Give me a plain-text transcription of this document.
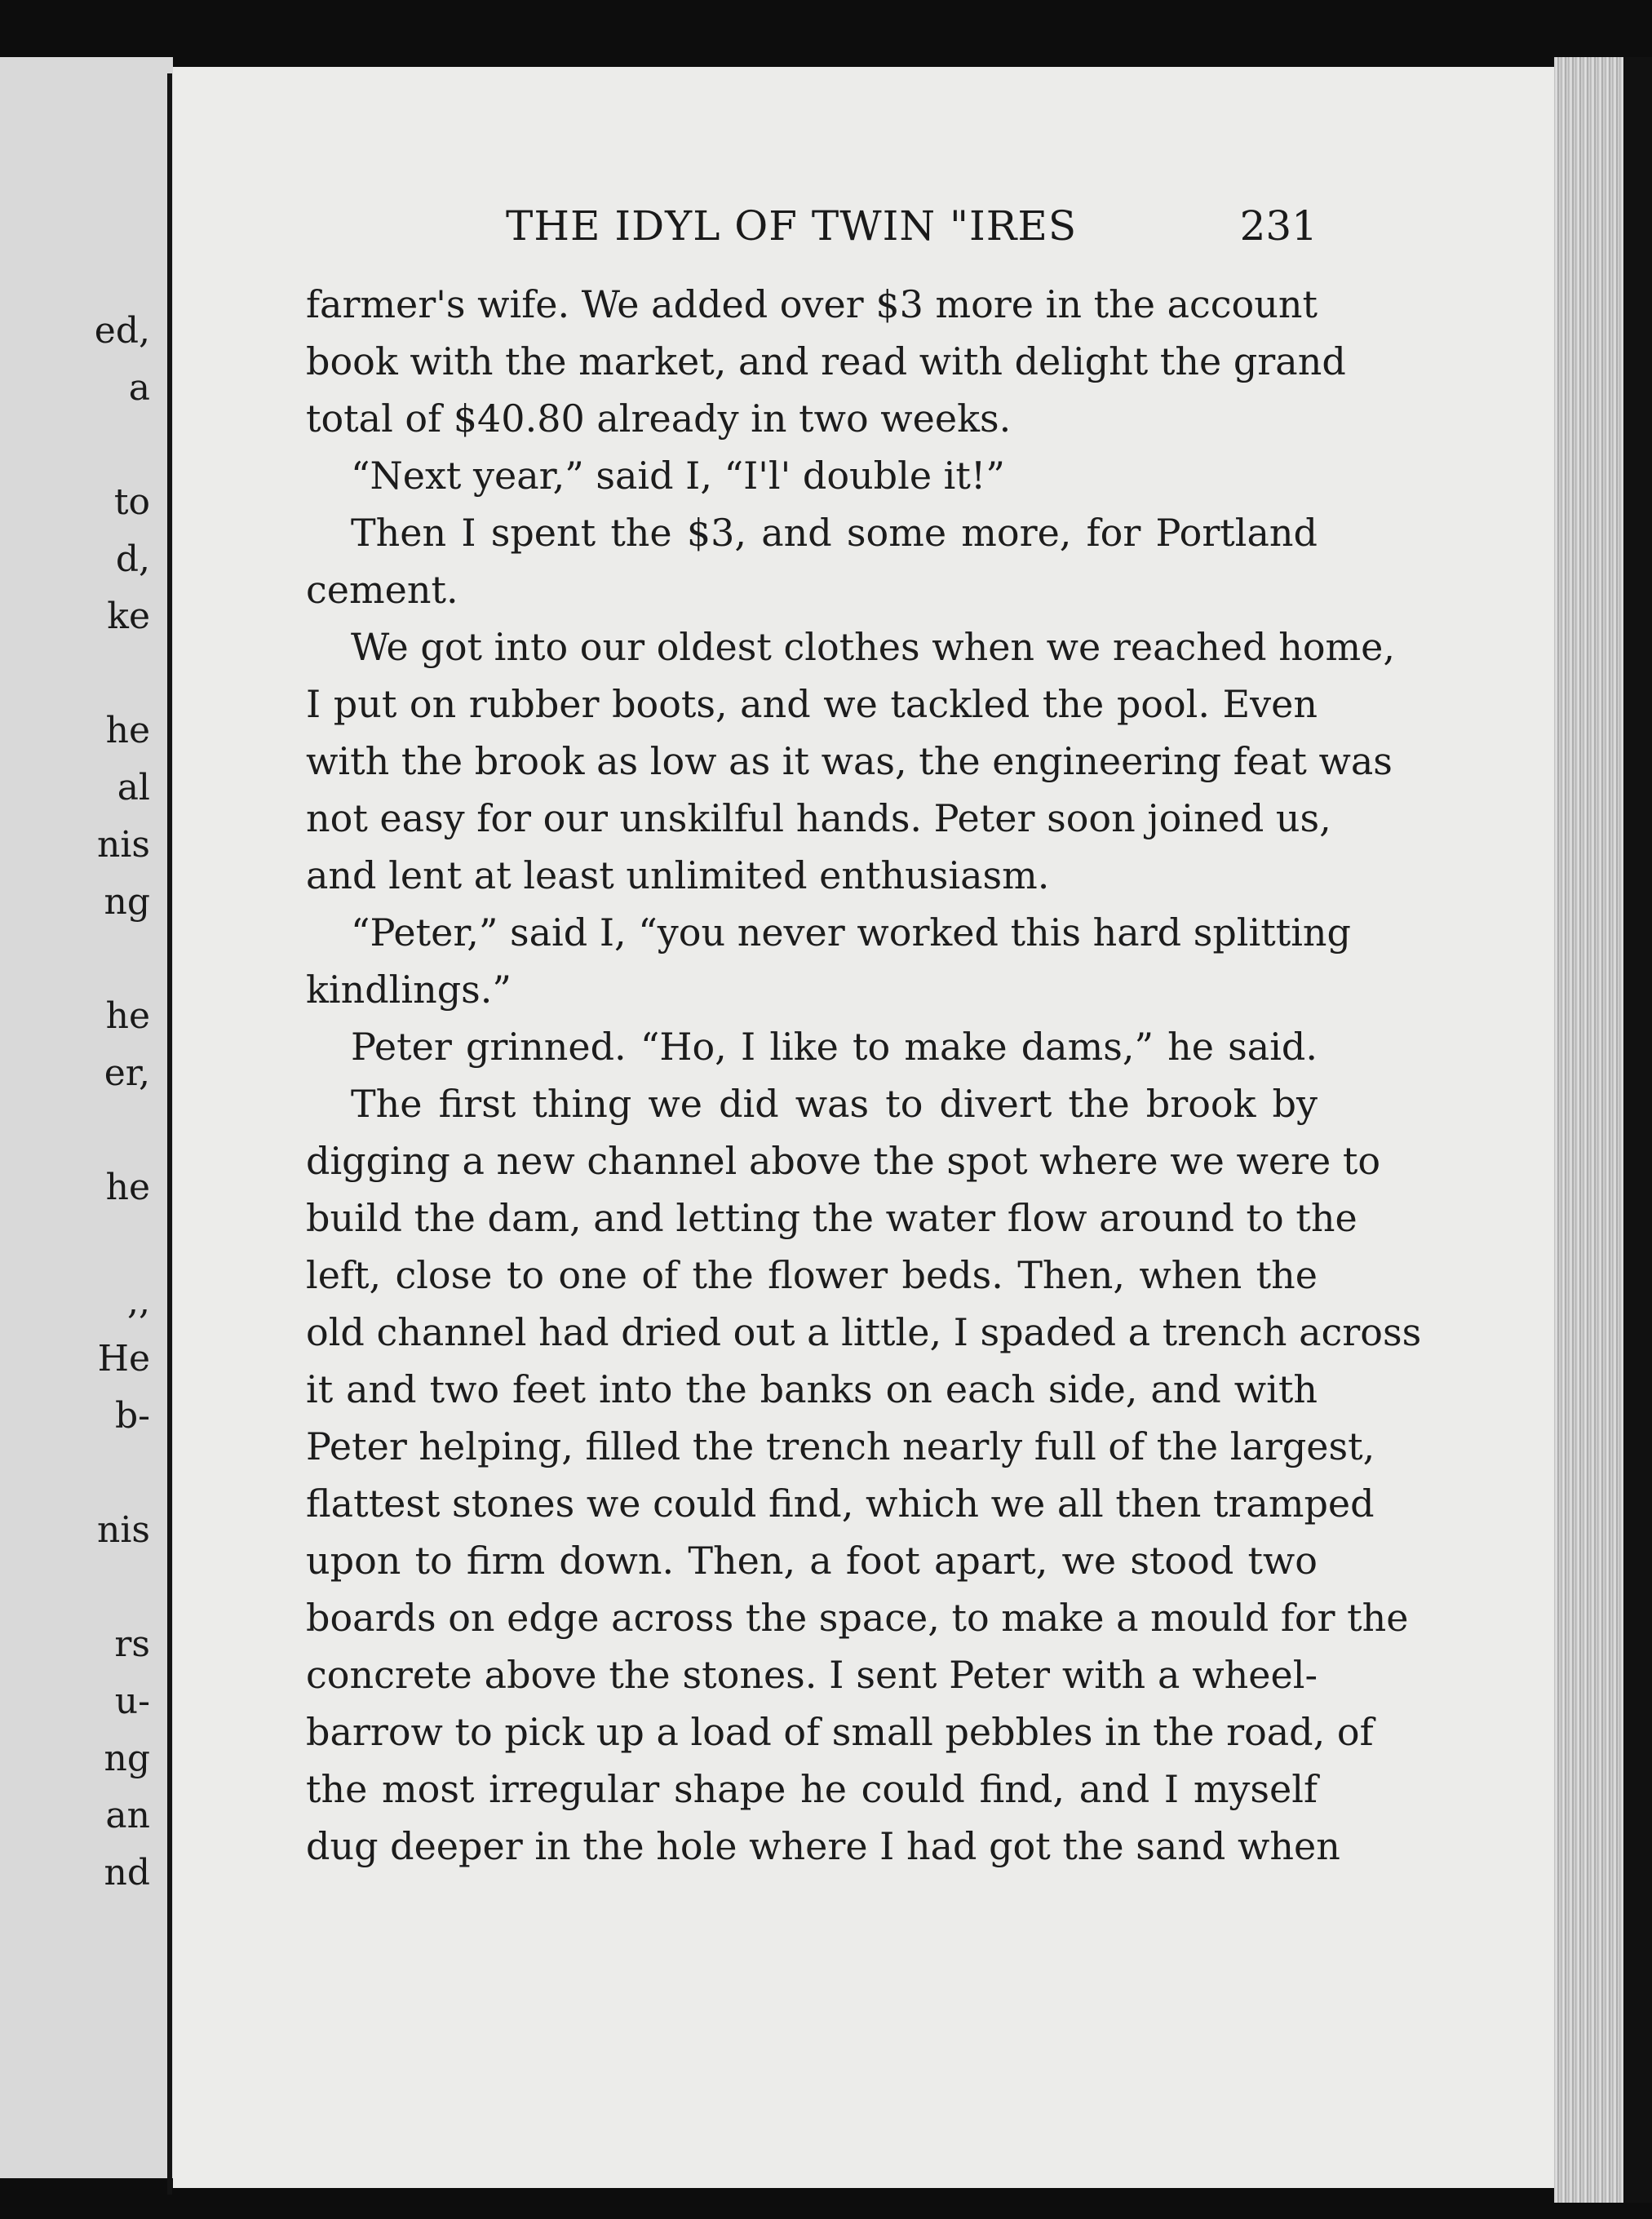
ed,
a
to
d,
ke
he
al
nis
ng
he
er,
he
,,
He
b-
nis
rs
u-
ng
an
nd
THE IDYL OF TWIN "IRES	231
farmer's wife. We added over $3 more in the account
book with the market, and read with delight the grand
total of $40.80 already in two weeks.
“Next year,” said I, “I'l' double it!”
Then I spent the $3, and some more, for Portland
cement.
We got into our oldest clothes when we reached home,
I put on rubber boots, and we tackled the pool. Even
with the brook as low as it was, the engineering feat was
not easy for our unskilful hands. Peter soon joined us,
and lent at least unlimited enthusiasm.
“Peter,” said I, “you never worked this hard splitting
kindlings.”
Peter grinned. “Ho, I like to make dams,” he said.
The first thing we did was to divert the brook by
digging a new channel above the spot where we were to
build the dam, and letting the water flow around to the
left, close to one of the flower beds. Then, when the
old channel had dried out a little, I spaded a trench across
it and two feet into the banks on each side, and with
Peter helping, filled the trench nearly full of the largest,
flattest stones we could find, which we all then tramped
upon to firm down. Then, a foot apart, we stood two
boards on edge across the space, to make a mould for the
concrete above the stones. I sent Peter with a wheel-
barrow to pick up a load of small pebbles in the road, of
the most irregular shape he could find, and I myself
dug deeper in the hole where I had got the sand when
